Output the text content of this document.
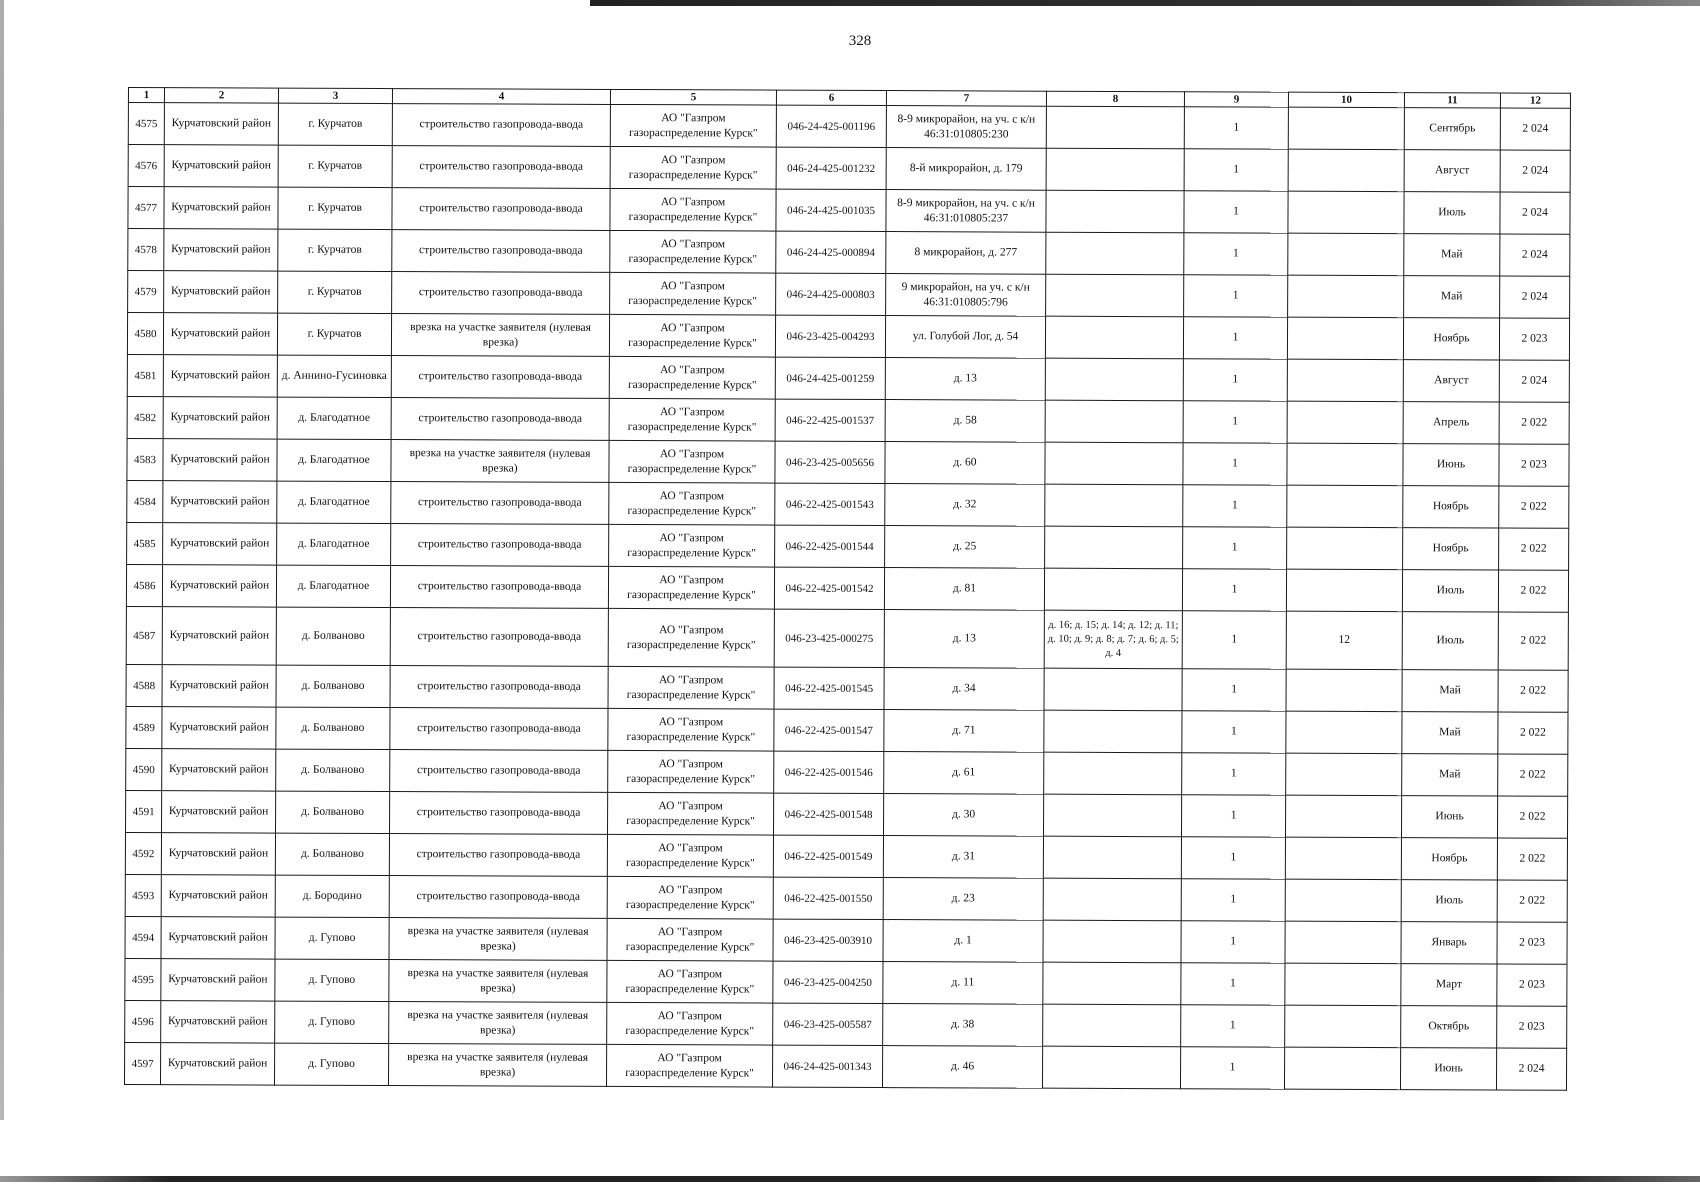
328
1	2	3	4	5	6	7	8	9	10	11	12
4575	Курчатовский район	г. Курчатов	строительство газопровода-ввода	АО "Газпром газораспределение Курск"	046-24-425-001196	8-9 микрорайон, на уч. с к/н 46:31:010805:230		1		Сентябрь	2 024
4576	Курчатовский район	г. Курчатов	строительство газопровода-ввода	АО "Газпром газораспределение Курск"	046-24-425-001232	8-й микрорайон, д. 179		1		Август	2 024
4577	Курчатовский район	г. Курчатов	строительство газопровода-ввода	АО "Газпром газораспределение Курск"	046-24-425-001035	8-9 микрорайон, на уч. с к/н 46:31:010805:237		1		Июль	2 024
4578	Курчатовский район	г. Курчатов	строительство газопровода-ввода	АО "Газпром газораспределение Курск"	046-24-425-000894	8 микрорайон, д. 277		1		Май	2 024
4579	Курчатовский район	г. Курчатов	строительство газопровода-ввода	АО "Газпром газораспределение Курск"	046-24-425-000803	9 микрорайон, на уч. с к/н 46:31:010805:796		1		Май	2 024
4580	Курчатовский район	г. Курчатов	врезка на участке заявителя (нулевая врезка)	АО "Газпром газораспределение Курск"	046-23-425-004293	ул. Голубой Лог, д. 54		1		Ноябрь	2 023
4581	Курчатовский район	д. Аннино-Гусиновка	строительство газопровода-ввода	АО "Газпром газораспределение Курск"	046-24-425-001259	д. 13		1		Август	2 024
4582	Курчатовский район	д. Благодатное	строительство газопровода-ввода	АО "Газпром газораспределение Курск"	046-22-425-001537	д. 58		1		Апрель	2 022
4583	Курчатовский район	д. Благодатное	врезка на участке заявителя (нулевая врезка)	АО "Газпром газораспределение Курск"	046-23-425-005656	д. 60		1		Июнь	2 023
4584	Курчатовский район	д. Благодатное	строительство газопровода-ввода	АО "Газпром газораспределение Курск"	046-22-425-001543	д. 32		1		Ноябрь	2 022
4585	Курчатовский район	д. Благодатное	строительство газопровода-ввода	АО "Газпром газораспределение Курск"	046-22-425-001544	д. 25		1		Ноябрь	2 022
4586	Курчатовский район	д. Благодатное	строительство газопровода-ввода	АО "Газпром газораспределение Курск"	046-22-425-001542	д. 81		1		Июль	2 022
4587	Курчатовский район	д. Болваново	строительство газопровода-ввода	АО "Газпром газораспределение Курск"	046-23-425-000275	д. 13	д. 16; д. 15; д. 14; д. 12; д. 11; д. 10; д. 9; д. 8; д. 7; д. 6; д. 5; д. 4	1	12	Июль	2 022
4588	Курчатовский район	д. Болваново	строительство газопровода-ввода	АО "Газпром газораспределение Курск"	046-22-425-001545	д. 34		1		Май	2 022
4589	Курчатовский район	д. Болваново	строительство газопровода-ввода	АО "Газпром газораспределение Курск"	046-22-425-001547	д. 71		1		Май	2 022
4590	Курчатовский район	д. Болваново	строительство газопровода-ввода	АО "Газпром газораспределение Курск"	046-22-425-001546	д. 61		1		Май	2 022
4591	Курчатовский район	д. Болваново	строительство газопровода-ввода	АО "Газпром газораспределение Курск"	046-22-425-001548	д. 30		1		Июнь	2 022
4592	Курчатовский район	д. Болваново	строительство газопровода-ввода	АО "Газпром газораспределение Курск"	046-22-425-001549	д. 31		1		Ноябрь	2 022
4593	Курчатовский район	д. Бородино	строительство газопровода-ввода	АО "Газпром газораспределение Курск"	046-22-425-001550	д. 23		1		Июль	2 022
4594	Курчатовский район	д. Гупово	врезка на участке заявителя (нулевая врезка)	АО "Газпром газораспределение Курск"	046-23-425-003910	д. 1		1		Январь	2 023
4595	Курчатовский район	д. Гупово	врезка на участке заявителя (нулевая врезка)	АО "Газпром газораспределение Курск"	046-23-425-004250	д. 11		1		Март	2 023
4596	Курчатовский район	д. Гупово	врезка на участке заявителя (нулевая врезка)	АО "Газпром газораспределение Курск"	046-23-425-005587	д. 38		1		Октябрь	2 023
4597	Курчатовский район	д. Гупово	врезка на участке заявителя (нулевая врезка)	АО "Газпром газораспределение Курск"	046-24-425-001343	д. 46		1		Июнь	2 024
